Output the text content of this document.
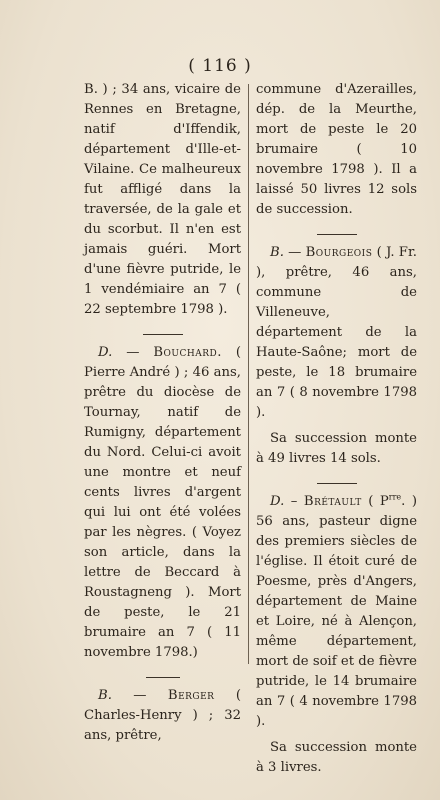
( 116 )

B. ) ; 34 ans, vicaire de Rennes en Bretagne, natif d'Iffendik, département d'Ille-et-Vilaine. Ce malheureux fut affligé dans la traversée, de la gale et du scorbut. Il n'en est jamais guéri. Mort d'une fièvre putride, le 1 vendémiaire an 7 ( 22 septembre 1798 ).

D. — Bouchard. ( Pierre André ) ; 46 ans, prêtre du diocèse de Tournay, natif de Rumigny, département du Nord. Celui-ci avoit une montre et neuf cents livres d'argent qui lui ont été volées par les nègres. ( Voyez son article, dans la lettre de Beccard à Roustagneng ). Mort de peste, le 21 brumaire an 7 ( 11 novembre 1798.)

B. — Berger ( Charles-Henry ) ; 32 ans, prêtre,

commune d'Azerailles, dép. de la Meurthe, mort de peste le 20 brumaire ( 10 novembre 1798 ). Il a laissé 50 livres 12 sols de succession.

B. — Bourgeois ( J. Fr. ), prêtre, 46 ans, commune de Villeneuve, département de la Haute-Saône; mort de peste, le 18 brumaire an 7 ( 8 novembre 1798 ).

Sa succession monte à 49 livres 14 sols.

D. – Brétault ( $P^{rre}$. ) 56 ans, pasteur digne des premiers siècles de l'église. Il étoit curé de Poesme, près d'Angers, département de Maine et Loire, né à Alençon, même département, mort de soif et de fièvre putride, le 14 brumaire an 7 ( 4 novembre 1798 ).

Sa succession monte à 3 livres.
